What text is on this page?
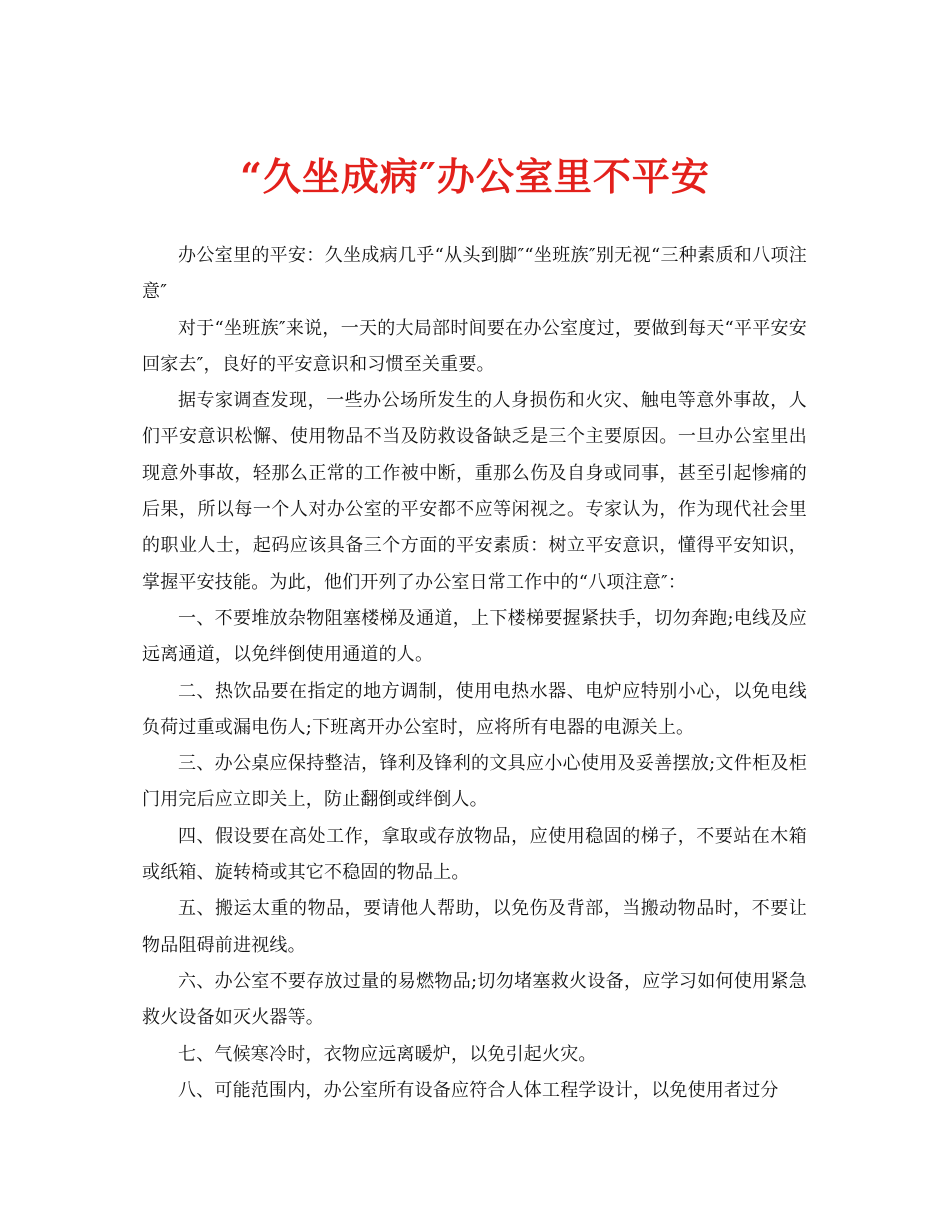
“久坐成病″办公室里不平安

办公室里的平安：久坐成病几乎“从头到脚″“坐班族″别无视“三种素质和八项注意″

对于“坐班族″来说，一天的大局部时间要在办公室度过，要做到每天“平平安安回家去″，良好的平安意识和习惯至关重要。

据专家调查发现，一些办公场所发生的人身损伤和火灾、触电等意外事故，人们平安意识松懈、使用物品不当及防救设备缺乏是三个主要原因。一旦办公室里出现意外事故，轻那么正常的工作被中断，重那么伤及自身或同事，甚至引起惨痛的后果，所以每一个人对办公室的平安都不应等闲视之。专家认为，作为现代社会里的职业人士，起码应该具备三个方面的平安素质：树立平安意识，懂得平安知识，掌握平安技能。为此，他们开列了办公室日常工作中的“八项注意″：

一、不要堆放杂物阻塞楼梯及通道，上下楼梯要握紧扶手，切勿奔跑;电线及应远离通道，以免绊倒使用通道的人。

二、热饮品要在指定的地方调制，使用电热水器、电炉应特别小心，以免电线负荷过重或漏电伤人;下班离开办公室时，应将所有电器的电源关上。

三、办公桌应保持整洁，锋利及锋利的文具应小心使用及妥善摆放;文件柜及柜门用完后应立即关上，防止翻倒或绊倒人。

四、假设要在高处工作，拿取或存放物品，应使用稳固的梯子，不要站在木箱或纸箱、旋转椅或其它不稳固的物品上。

五、搬运太重的物品，要请他人帮助，以免伤及背部，当搬动物品时，不要让物品阻碍前进视线。

六、办公室不要存放过量的易燃物品;切勿堵塞救火设备，应学习如何使用紧急救火设备如灭火器等。

七、气候寒冷时，衣物应远离暖炉，以免引起火灾。

八、可能范围内，办公室所有设备应符合人体工程学设计，以免使用者过分
